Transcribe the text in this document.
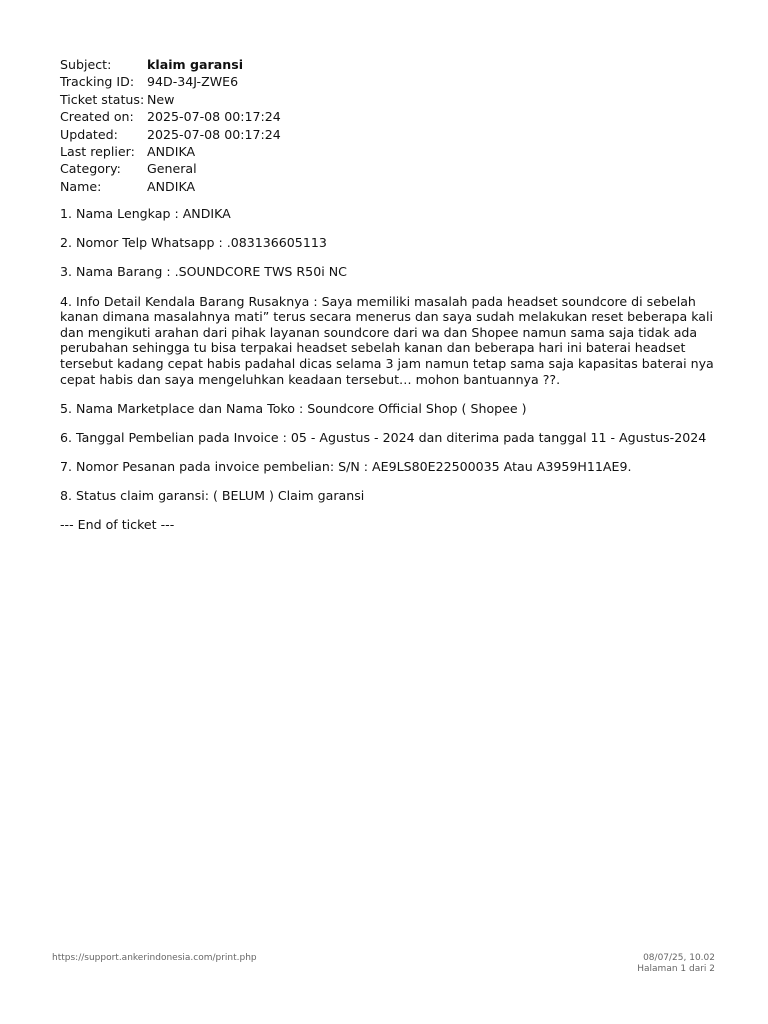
Subject:	klaim garansi
Tracking ID:	94D-34J-ZWE6
Ticket status:	New
Created on:	2025-07-08 00:17:24
Updated:	2025-07-08 00:17:24
Last replier:	ANDIKA
Category:	General
Name:	ANDIKA

1. Nama Lengkap : ANDIKA

2. Nomor Telp Whatsapp : .083136605113

3. Nama Barang : .SOUNDCORE TWS R50i NC

4. Info Detail Kendala Barang Rusaknya : Saya memiliki masalah pada headset soundcore di sebelah kanan dimana masalahnya mati” terus secara menerus dan saya sudah melakukan reset beberapa kali dan mengikuti arahan dari pihak layanan soundcore dari wa dan Shopee namun sama saja tidak ada perubahan sehingga tu bisa terpakai headset sebelah kanan dan beberapa hari ini baterai headset tersebut kadang cepat habis padahal dicas selama 3 jam namun tetap sama saja kapasitas baterai nya cepat habis dan saya mengeluhkan keadaan tersebut… mohon bantuannya ??.

5. Nama Marketplace dan Nama Toko : Soundcore Official Shop ( Shopee )

6. Tanggal Pembelian pada Invoice : 05 - Agustus - 2024 dan diterima pada tanggal 11 - Agustus-2024

7. Nomor Pesanan pada invoice pembelian: S/N : AE9LS80E22500035 Atau A3959H11AE9.

8. Status claim garansi: ( BELUM ) Claim garansi

--- End of ticket ---

https://support.ankerindonesia.com/print.php	08/07/25, 10.02
Halaman 1 dari 2
